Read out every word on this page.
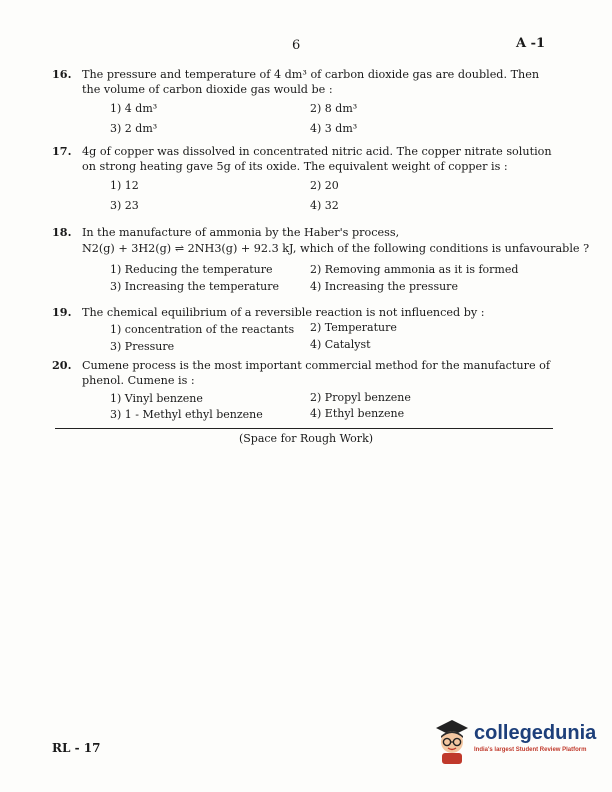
6	A -1
16. The pressure and temperature of 4 dm³ of carbon dioxide gas are doubled. Then the volume of carbon dioxide gas would be :
1) 4 dm³	2) 8 dm³
3) 2 dm³	4) 3 dm³
17. 4g of copper was dissolved in concentrated nitric acid. The copper nitrate solution on strong heating gave 5g of its oxide. The equivalent weight of copper is :
1) 12	2) 20
3) 23	4) 32
18. In the manufacture of ammonia by the Haber's process,
N2(g) + 3H2(g) ⇌ 2NH3(g) + 92.3 kJ, which of the following conditions is unfavourable ?
1) Reducing the temperature	2) Removing ammonia as it is formed
3) Increasing the temperature	4) Increasing the pressure
19. The chemical equilibrium of a reversible reaction is not influenced by :
1) concentration of the reactants 2) Temperature
3) Pressure	4) Catalyst
20. Cumene process is the most important commercial method for the manufacture of phenol. Cumene is :
1) Vinyl benzene	2) Propyl benzene
3) 1 - Methyl ethyl benzene	4) Ethyl benzene
(Space for Rough Work)
RL - 17
collegedunia
India's largest Student Review Platform
